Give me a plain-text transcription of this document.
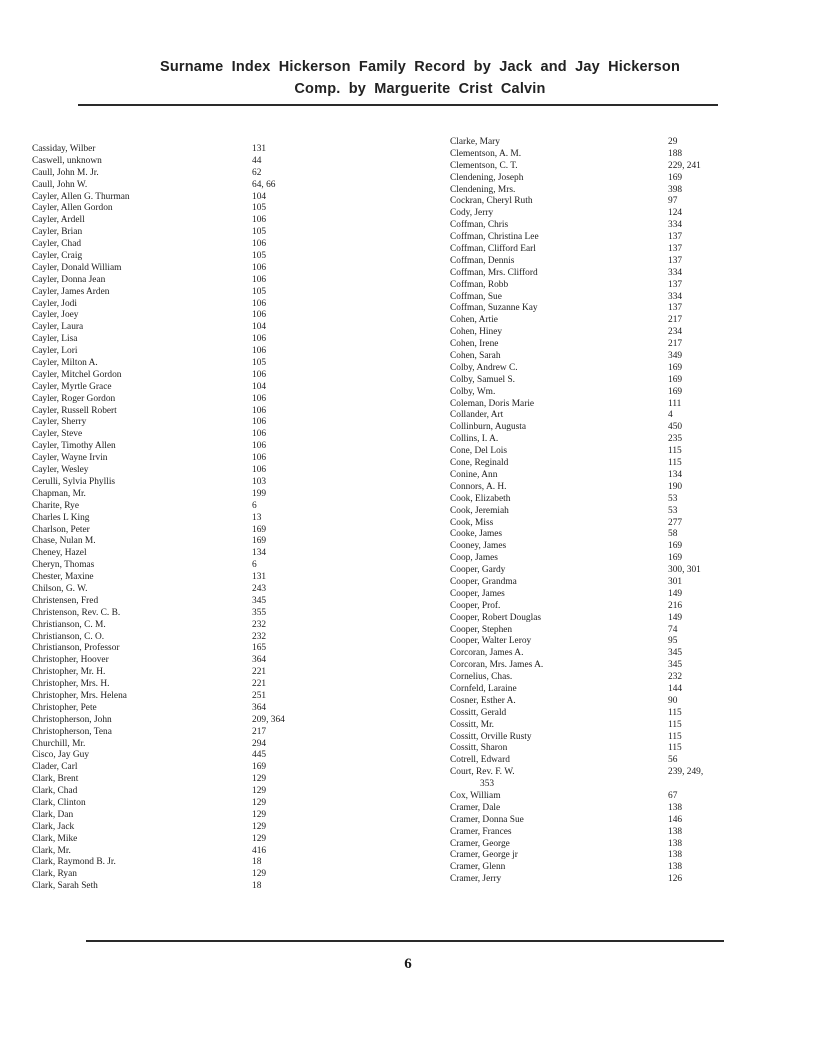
Surname Index Hickerson Family Record by Jack and Jay Hickerson
Comp. by Marguerite Crist Calvin
Cassiday, Wilber	131
Caswell, unknown	44
Caull, John M. Jr.	62
Caull, John W.	64, 66
Cayler, Allen G. Thurman	104
Cayler, Allen Gordon	105
Cayler, Ardell	106
Cayler, Brian	105
Cayler, Chad	106
Cayler, Craig	105
Cayler, Donald William	106
Cayler, Donna Jean	106
Cayler, James Arden	105
Cayler, Jodi	106
Cayler, Joey	106
Cayler, Laura	104
Cayler, Lisa	106
Cayler, Lori	106
Cayler, Milton A.	105
Cayler, Mitchel Gordon	106
Cayler, Myrtle Grace	104
Cayler, Roger Gordon	106
Cayler, Russell Robert	106
Cayler, Sherry	106
Cayler, Steve	106
Cayler, Timothy Allen	106
Cayler, Wayne Irvin	106
Cayler, Wesley	106
Cerulli, Sylvia Phyllis	103
Chapman, Mr.	199
Charite, Rye	6
Charles L King	13
Charlson, Peter	169
Chase, Nulan M.	169
Cheney, Hazel	134
Cheryn, Thomas	6
Chester, Maxine	131
Chilson, G. W.	243
Christensen, Fred	345
Christenson, Rev. C. B.	355
Christianson, C. M.	232
Christianson, C. O.	232
Christianson, Professor	165
Christopher, Hoover	364
Christopher, Mr. H.	221
Christopher, Mrs. H.	221
Christopher, Mrs. Helena	251
Christopher, Pete	364
Christopherson, John	209, 364
Christopherson, Tena	217
Churchill, Mr.	294
Cisco, Jay Guy	445
Clader, Carl	169
Clark, Brent	129
Clark, Chad	129
Clark, Clinton	129
Clark, Dan	129
Clark, Jack	129
Clark, Mike	129
Clark, Mr.	416
Clark, Raymond B. Jr.	18
Clark, Ryan	129
Clark, Sarah Seth	18
Clarke, Mary	29
Clementson, A. M.	188
Clementson, C. T.	229, 241
Clendening, Joseph	169
Clendening, Mrs.	398
Cockran, Cheryl Ruth	97
Cody, Jerry	124
Coffman, Chris	334
Coffman, Christina Lee	137
Coffman, Clifford Earl	137
Coffman, Dennis	137
Coffman, Mrs. Clifford	334
Coffman, Robb	137
Coffman, Sue	334
Coffman, Suzanne Kay	137
Cohen, Artie	217
Cohen, Hiney	234
Cohen, Irene	217
Cohen, Sarah	349
Colby, Andrew C.	169
Colby, Samuel S.	169
Colby, Wm.	169
Coleman, Doris Marie	111
Collander, Art	4
Collinburn, Augusta	450
Collins, I. A.	235
Cone, Del Lois	115
Cone, Reginald	115
Conine, Ann	134
Connors, A. H.	190
Cook, Elizabeth	53
Cook, Jeremiah	53
Cook, Miss	277
Cooke, James	58
Cooney, James	169
Coop, James	169
Cooper, Gardy	300, 301
Cooper, Grandma	301
Cooper, James	149
Cooper, Prof.	216
Cooper, Robert Douglas	149
Cooper, Stephen	74
Cooper, Walter Leroy	95
Corcoran, James A.	345
Corcoran, Mrs. James A.	345
Cornelius, Chas.	232
Cornfeld, Laraine	144
Cosner, Esther A.	90
Cossitt, Gerald	115
Cossitt, Mr.	115
Cossitt, Orville Rusty	115
Cossitt, Sharon	115
Cotrell, Edward	56
Court, Rev. F. W.	239, 249,
353
Cox, William	67
Cramer, Dale	138
Cramer, Donna Sue	146
Cramer, Frances	138
Cramer, George	138
Cramer, George jr	138
Cramer, Glenn	138
Cramer, Jerry	126
6
